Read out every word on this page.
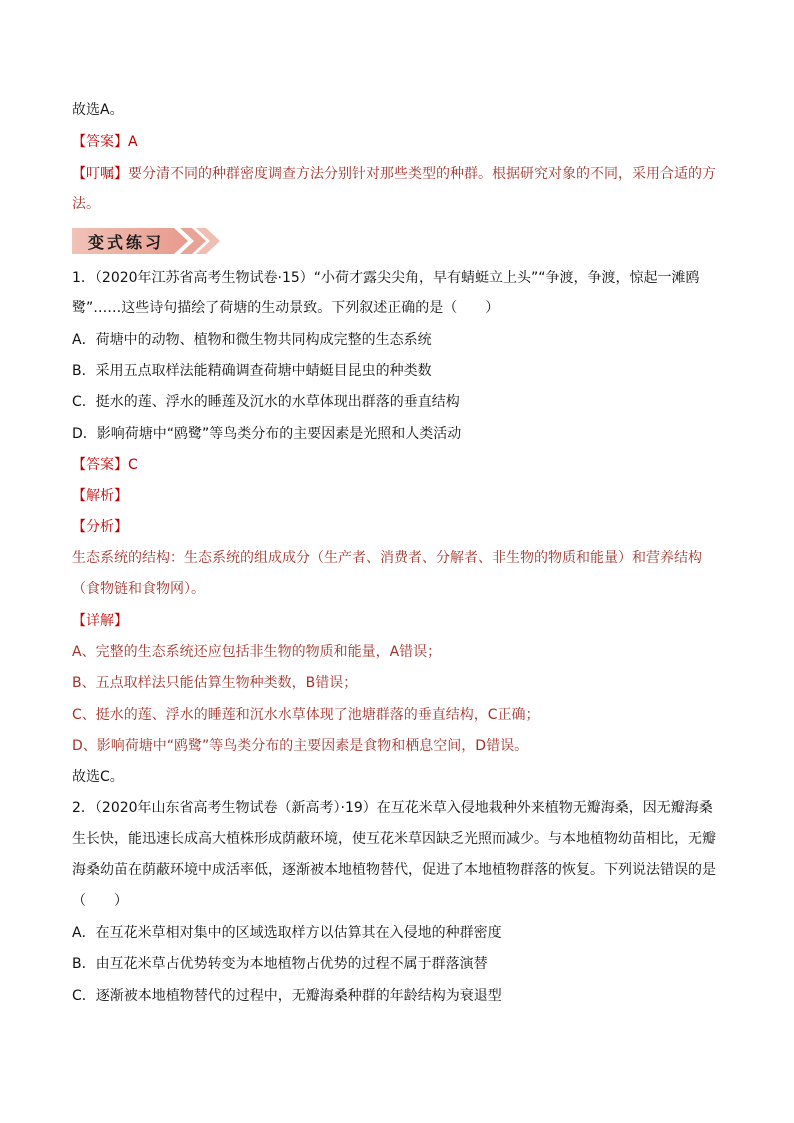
故选A。
【答案】A
【叮嘱】要分清不同的种群密度调查方法分别针对那些类型的种群。根据研究对象的不同，采用合适的方
法。
变式练习
1．（2020年江苏省高考生物试卷·15）“小荷才露尖尖角，早有蜻蜓立上头”“争渡，争渡，惊起一滩鸥
鹭”……这些诗句描绘了荷塘的生动景致。下列叙述正确的是（　　）
A．荷塘中的动物、植物和微生物共同构成完整的生态系统
B．采用五点取样法能精确调查荷塘中蜻蜓目昆虫的种类数
C．挺水的莲、浮水的睡莲及沉水的水草体现出群落的垂直结构
D．影响荷塘中“鸥鹭”等鸟类分布的主要因素是光照和人类活动
【答案】C
【解析】
【分析】
生态系统的结构：生态系统的组成成分（生产者、消费者、分解者、非生物的物质和能量）和营养结构
（食物链和食物网）。
【详解】
A、完整的生态系统还应包括非生物的物质和能量，A错误；
B、五点取样法只能估算生物种类数，B错误；
C、挺水的莲、浮水的睡莲和沉水水草体现了池塘群落的垂直结构，C正确；
D、影响荷塘中“鸥鹭”等鸟类分布的主要因素是食物和栖息空间，D错误。
故选C。
2．（2020年山东省高考生物试卷（新高考）·19）在互花米草入侵地栽种外来植物无瓣海桑，因无瓣海桑
生长快，能迅速长成高大植株形成荫蔽环境，使互花米草因缺乏光照而减少。与本地植物幼苗相比，无瓣
海桑幼苗在荫蔽环境中成活率低，逐渐被本地植物替代，促进了本地植物群落的恢复。下列说法错误的是
（　　）
A．在互花米草相对集中的区域选取样方以估算其在入侵地的种群密度
B．由互花米草占优势转变为本地植物占优势的过程不属于群落演替
C．逐渐被本地植物替代的过程中，无瓣海桑种群的年龄结构为衰退型
